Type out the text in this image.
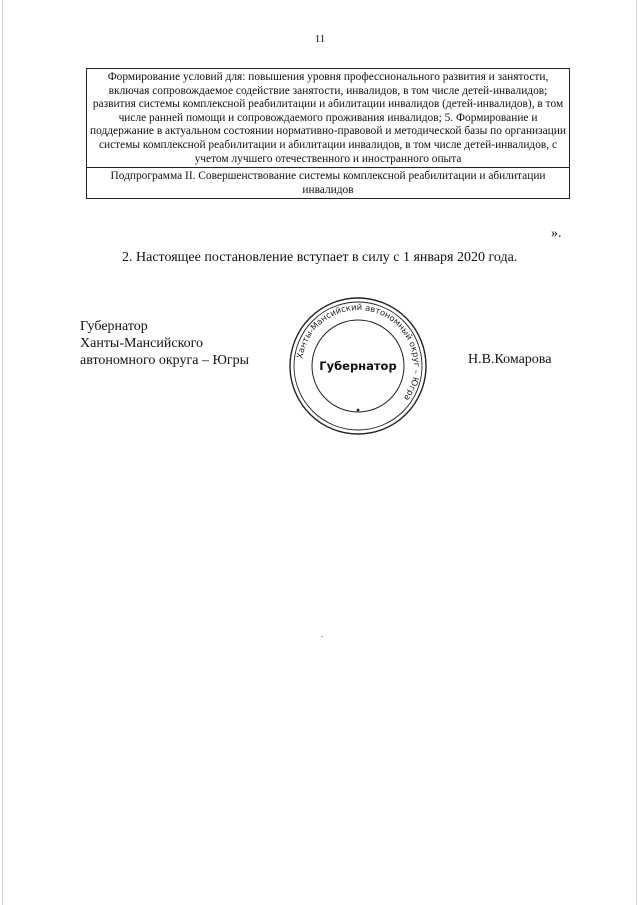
11
Формирование условий для: повышения уровня профессионального развития и занятости, включая сопровождаемое содействие занятости, инвалидов, в том числе детей-инвалидов; развития системы комплексной реабилитации и абилитации инвалидов (детей-инвалидов), в том числе ранней помощи и сопровождаемого проживания инвалидов; 5. Формирование и поддержание в актуальном состоянии нормативно-правовой и методической базы по организации системы комплексной реабилитации и абилитации инвалидов, в том числе детей-инвалидов, с учетом лучшего отечественного и иностранного опыта
Подпрограмма II. Совершенствование системы комплексной реабилитации и абилитации инвалидов
».
2. Настоящее постановление вступает в силу с 1 января 2020 года.
Губернатор
Ханты-Мансийского
автономного округа – Югры	Ханты-Мансийский автономный округ – Югра
Губернатор	Н.В.Комарова
